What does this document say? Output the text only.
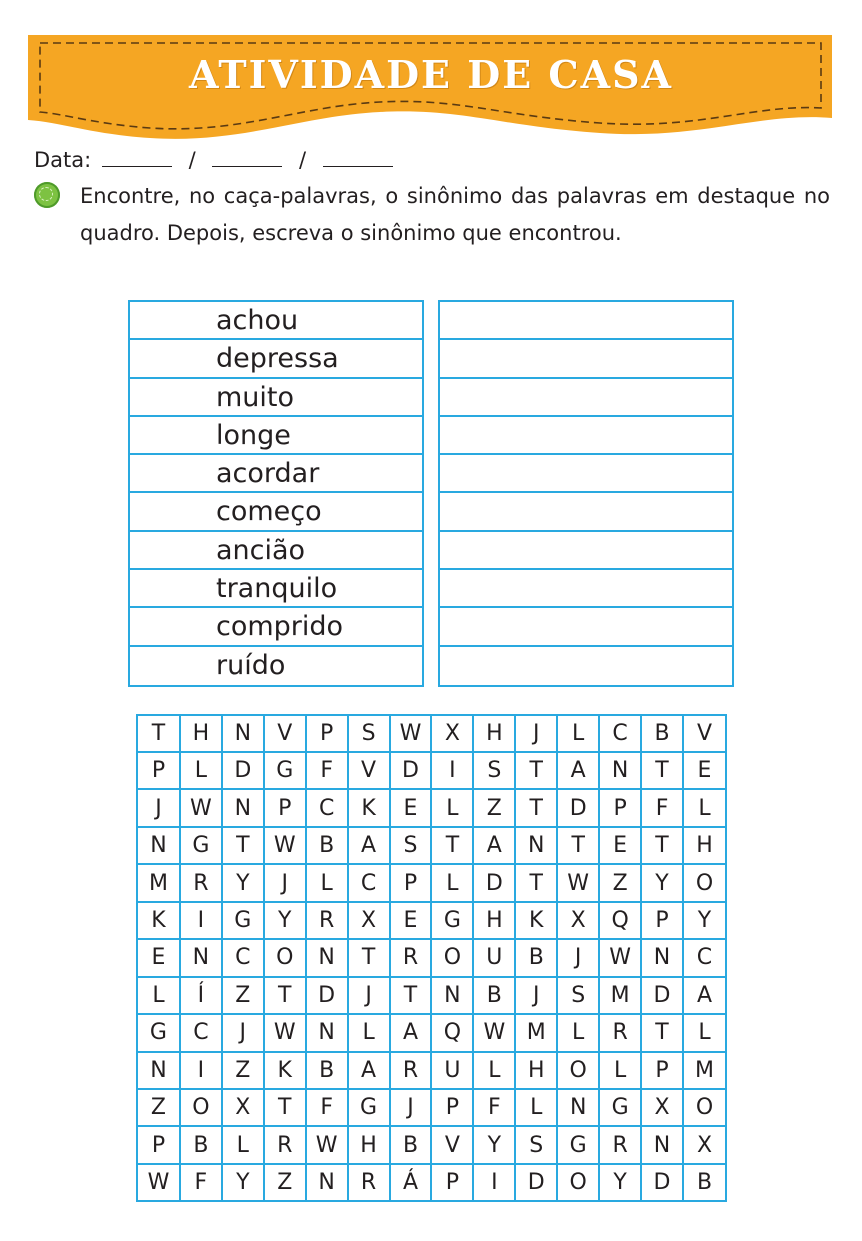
ATIVIDADE DE CASA
Data:	/	/

Encontre, no caça-palavras, o sinônimo das palavras em destaque no quadro. Depois, escreva o sinônimo que encontrou.

achou
depressa
muito
longe
acordar
começo
ancião
tranquilo
comprido
ruído
T	H	N	V	P	S	W	X	H	J	L	C	B	V
P	L	D	G	F	V	D	I	S	T	A	N	T	E
J	W	N	P	C	K	E	L	Z	T	D	P	F	L
N	G	T	W	B	A	S	T	A	N	T	E	T	H
M	R	Y	J	L	C	P	L	D	T	W	Z	Y	O
K	I	G	Y	R	X	E	G	H	K	X	Q	P	Y
E	N	C	O	N	T	R	O	U	B	J	W	N	C
L	Í	Z	T	D	J	T	N	B	J	S	M	D	A
G	C	J	W	N	L	A	Q	W	M	L	R	T	L
N	I	Z	K	B	A	R	U	L	H	O	L	P	M
Z	O	X	T	F	G	J	P	F	L	N	G	X	O
P	B	L	R	W	H	B	V	Y	S	G	R	N	X
W	F	Y	Z	N	R	Á	P	I	D	O	Y	D	B
